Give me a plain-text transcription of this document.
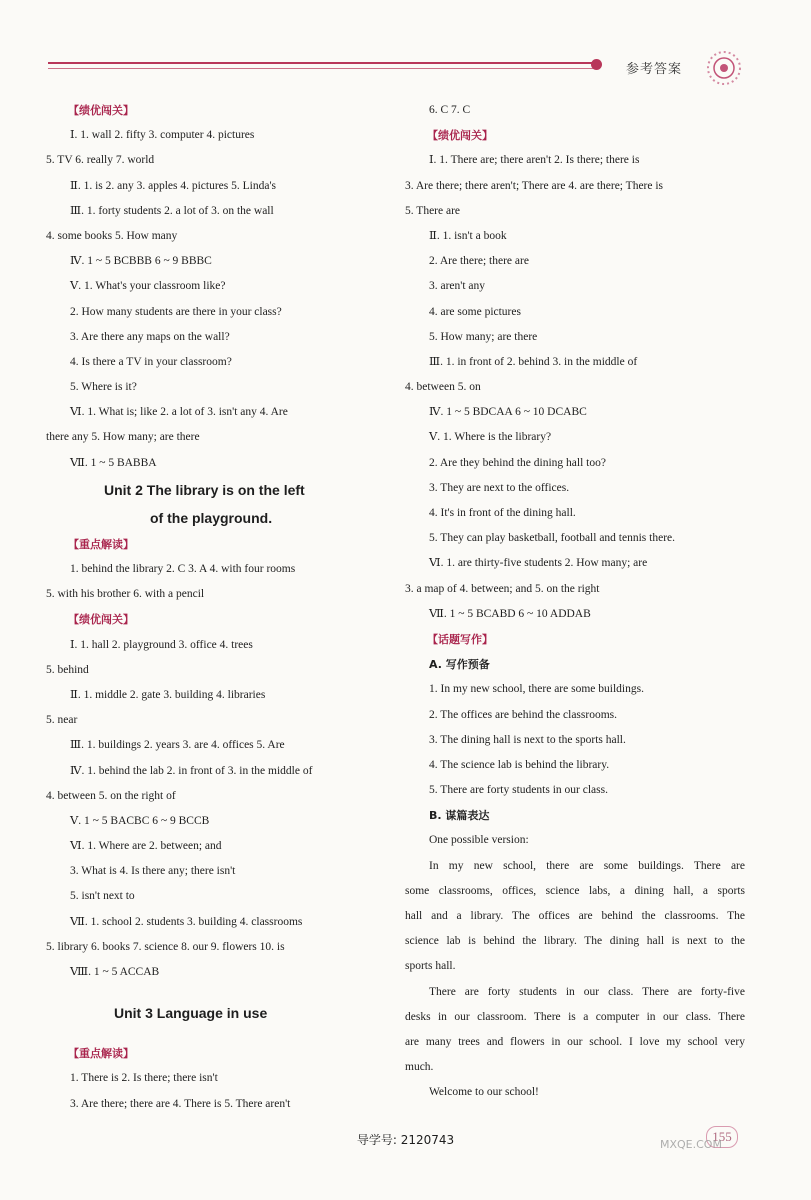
参考答案
【绩优闯关】
Ⅰ. 1. wall 2. fifty 3. computer 4. pictures
5. TV 6. really 7. world
Ⅱ. 1. is 2. any 3. apples 4. pictures 5. Linda's
Ⅲ. 1. forty students 2. a lot of 3. on the wall
4. some books 5. How many
Ⅳ. 1 ~ 5 BCBBB 6 ~ 9 BBBC
Ⅴ. 1. What's your classroom like?
2. How many students are there in your class?
3. Are there any maps on the wall?
4. Is there a TV in your classroom?
5. Where is it?
Ⅵ. 1. What is; like 2. a lot of 3. isn't any 4. Are
there any 5. How many; are there
Ⅶ. 1 ~ 5 BABBA
Unit 2 The library is on the left
of the playground.
【重点解读】
1. behind the library 2. C 3. A 4. with four rooms
5. with his brother 6. with a pencil
【绩优闯关】
Ⅰ. 1. hall 2. playground 3. office 4. trees
5. behind
Ⅱ. 1. middle 2. gate 3. building 4. libraries
5. near
Ⅲ. 1. buildings 2. years 3. are 4. offices 5. Are
Ⅳ. 1. behind the lab 2. in front of 3. in the middle of
4. between 5. on the right of
Ⅴ. 1 ~ 5 BACBC 6 ~ 9 BCCB
Ⅵ. 1. Where are 2. between; and
3. What is 4. Is there any; there isn't
5. isn't next to
Ⅶ. 1. school 2. students 3. building 4. classrooms
5. library 6. books 7. science 8. our 9. flowers 10. is
Ⅷ. 1 ~ 5 ACCAB
Unit 3 Language in use
【重点解读】
1. There is 2. Is there; there isn't
3. Are there; there are 4. There is 5. There aren't
6. C 7. C
【绩优闯关】
Ⅰ. 1. There are; there aren't 2. Is there; there is
3. Are there; there aren't; There are 4. are there; There is
5. There are
Ⅱ. 1. isn't a book
2. Are there; there are
3. aren't any
4. are some pictures
5. How many; are there
Ⅲ. 1. in front of 2. behind 3. in the middle of
4. between 5. on
Ⅳ. 1 ~ 5 BDCAA 6 ~ 10 DCABC
Ⅴ. 1. Where is the library?
2. Are they behind the dining hall too?
3. They are next to the offices.
4. It's in front of the dining hall.
5. They can play basketball, football and tennis there.
Ⅵ. 1. are thirty-five students 2. How many; are
3. a map of 4. between; and 5. on the right
Ⅶ. 1 ~ 5 BCABD 6 ~ 10 ADDAB
【话题写作】
A. 写作预备
1. In my new school, there are some buildings.
2. The offices are behind the classrooms.
3. The dining hall is next to the sports hall.
4. The science lab is behind the library.
5. There are forty students in our class.
B. 谋篇表达
One possible version:
In my new school, there are some buildings. There are
some classrooms, offices, science labs, a dining hall, a sports
hall and a library. The offices are behind the classrooms. The
science lab is behind the library. The dining hall is next to the
sports hall.
There are forty students in our class. There are forty-five
desks in our classroom. There is a computer in our class. There
are many trees and flowers in our school. I love my school very
much.
Welcome to our school!
导学号: 2120743	155
MXQE.COM
